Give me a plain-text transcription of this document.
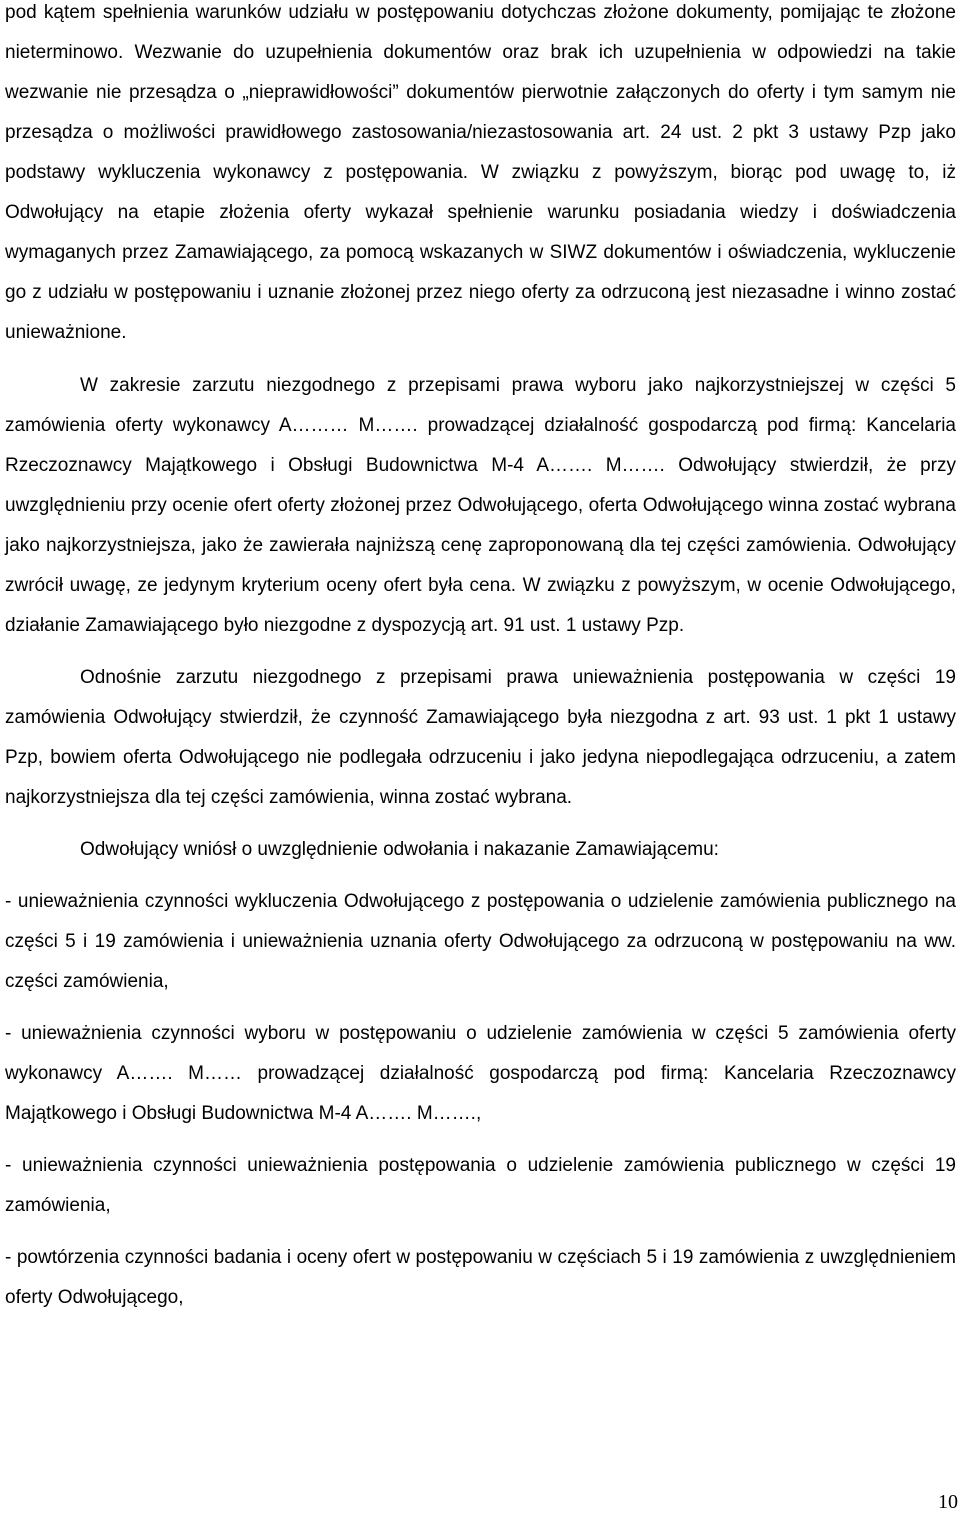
pod kątem spełnienia warunków udziału w postępowaniu dotychczas złożone dokumenty, pomijając te złożone nieterminowo. Wezwanie do uzupełnienia dokumentów oraz brak ich uzupełnienia w odpowiedzi na takie wezwanie nie przesądza o „nieprawidłowości” dokumentów pierwotnie załączonych do oferty i tym samym nie przesądza o możliwości prawidłowego zastosowania/niezastosowania art. 24 ust. 2 pkt 3 ustawy Pzp jako podstawy wykluczenia wykonawcy z postępowania. W związku z powyższym, biorąc pod uwagę to, iż Odwołujący na etapie złożenia oferty wykazał spełnienie warunku posiadania wiedzy i doświadczenia wymaganych przez Zamawiającego, za pomocą wskazanych w SIWZ dokumentów i oświadczenia, wykluczenie go z udziału w postępowaniu i uznanie złożonej przez niego oferty za odrzuconą jest niezasadne i winno zostać unieważnione.

W zakresie zarzutu niezgodnego z przepisami prawa wyboru jako najkorzystniejszej w części 5 zamówienia oferty wykonawcy A……… M……. prowadzącej działalność gospodarczą pod firmą: Kancelaria Rzeczoznawcy Majątkowego i Obsługi Budownictwa M-4 A……. M……. Odwołujący stwierdził, że przy uwzględnieniu przy ocenie ofert oferty złożonej przez Odwołującego, oferta Odwołującego winna zostać wybrana jako najkorzystniejsza, jako że zawierała najniższą cenę zaproponowaną dla tej części zamówienia. Odwołujący zwrócił uwagę, ze jedynym kryterium oceny ofert była cena. W związku z powyższym, w ocenie Odwołującego, działanie Zamawiającego było niezgodne z dyspozycją art. 91 ust. 1 ustawy Pzp.

Odnośnie zarzutu niezgodnego z przepisami prawa unieważnienia postępowania w części 19 zamówienia Odwołujący stwierdził, że czynność Zamawiającego była niezgodna z art. 93 ust. 1 pkt 1 ustawy Pzp, bowiem oferta Odwołującego nie podlegała odrzuceniu i jako jedyna niepodlegająca odrzuceniu, a zatem najkorzystniejsza dla tej części zamówienia, winna zostać wybrana.

Odwołujący wniósł o uwzględnienie odwołania i nakazanie Zamawiającemu:

- unieważnienia czynności wykluczenia Odwołującego z postępowania o udzielenie zamówienia publicznego na części 5 i 19 zamówienia i unieważnienia uznania oferty Odwołującego za odrzuconą w postępowaniu na ww. części zamówienia,

- unieważnienia czynności wyboru w postępowaniu o udzielenie zamówienia w części 5 zamówienia oferty wykonawcy A……. M…… prowadzącej działalność gospodarczą pod firmą: Kancelaria Rzeczoznawcy Majątkowego i Obsługi Budownictwa M-4 A……. M…….,

- unieważnienia czynności unieważnienia postępowania o udzielenie zamówienia publicznego w części 19 zamówienia,

- powtórzenia czynności badania i oceny ofert w postępowaniu w częściach 5 i 19 zamówienia z uwzględnieniem oferty Odwołującego,

10
